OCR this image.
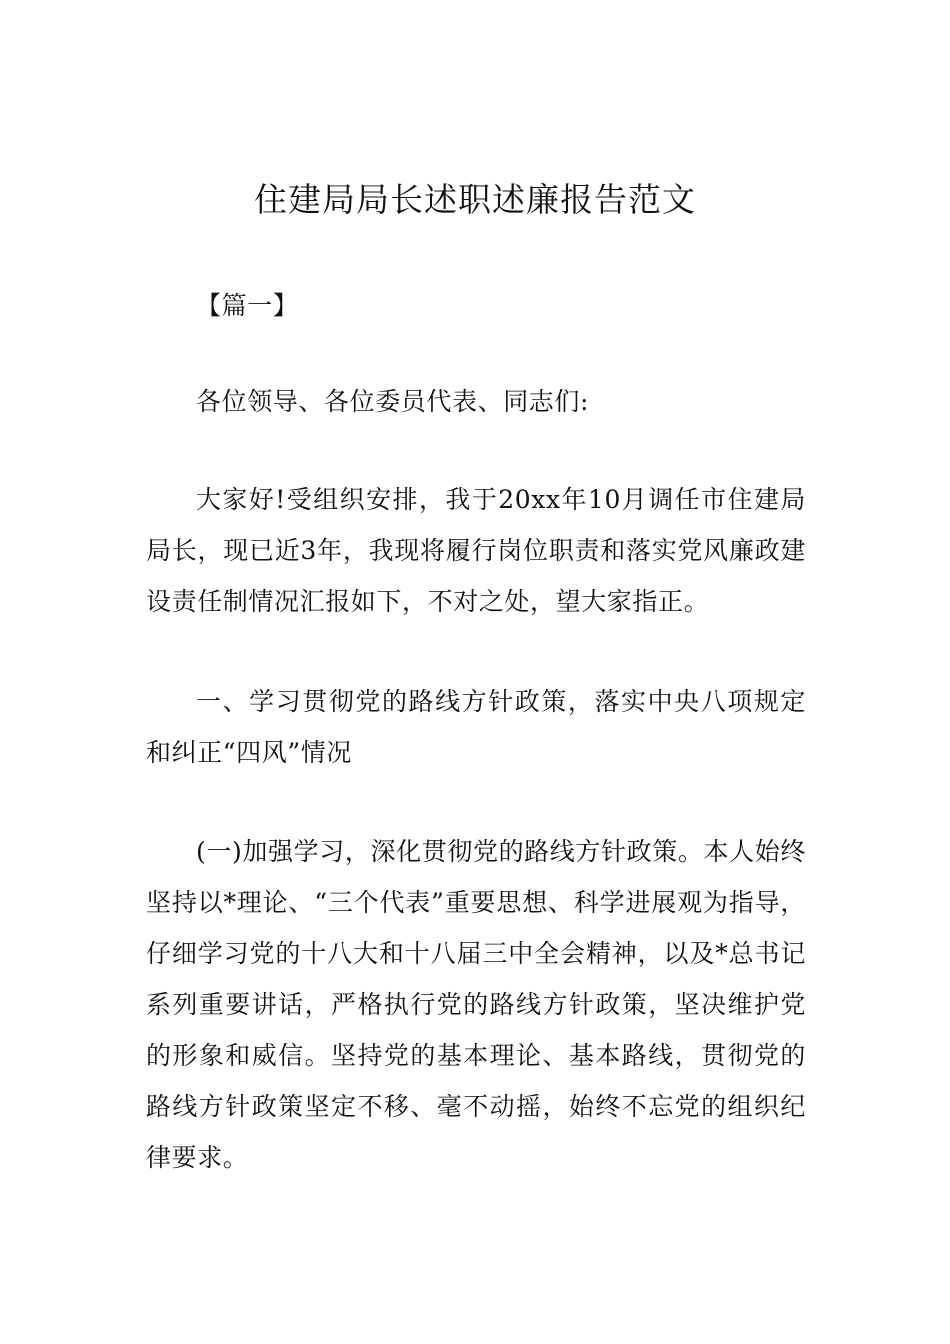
住建局局长述职述廉报告范文

【篇一】

各位领导、各位委员代表、同志们:

大家好!受组织安排，我于20xx年10月调任市住建局局长，现已近3年，我现将履行岗位职责和落实党风廉政建设责任制情况汇报如下，不对之处，望大家指正。

一、学习贯彻党的路线方针政策，落实中央八项规定和纠正“四风”情况

(一)加强学习，深化贯彻党的路线方针政策。本人始终坚持以*理论、“三个代表”重要思想、科学进展观为指导，仔细学习党的十八大和十八届三中全会精神，以及*总书记系列重要讲话，严格执行党的路线方针政策，坚决维护党的形象和威信。坚持党的基本理论、基本路线，贯彻党的路线方针政策坚定不移、毫不动摇，始终不忘党的组织纪律要求。
